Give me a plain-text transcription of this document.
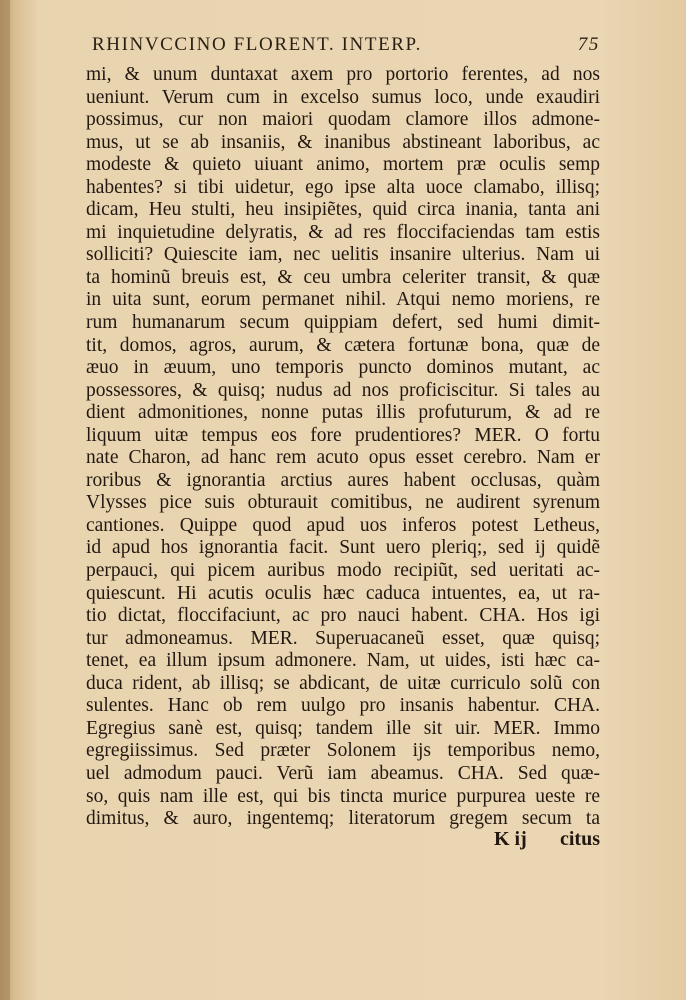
RHINVCCINO FLORENT. INTERP.	75
mi, & unum duntaxat axem pro portorio ferentes, ad nos
ueniunt. Verum cum in excelso sumus loco, unde exaudiri
possimus, cur non maiori quodam clamore illos admone-
mus, ut se ab insaniis, & inanibus abstineant laboribus, ac
modeste & quieto uiuant animo, mortem præ oculis semp
habentes? si tibi uidetur, ego ipse alta uoce clamabo, illisq;
dicam, Heu stulti, heu insipiẽtes, quid circa inania, tanta ani
mi inquietudine delyratis, & ad res floccifaciendas tam estis
solliciti? Quiescite iam, nec uelitis insanire ulterius. Nam ui
ta hominũ breuis est, & ceu umbra celeriter transit, & quæ
in uita sunt, eorum permanet nihil. Atqui nemo moriens, re
rum humanarum secum quippiam defert, sed humi dimit-
tit, domos, agros, aurum, & cætera fortunæ bona, quæ de
æuo in æuum, uno temporis puncto dominos mutant, ac
possessores, & quisq; nudus ad nos proficiscitur. Si tales au
dient admonitiones, nonne putas illis profuturum, & ad re
liquum uitæ tempus eos fore prudentiores? MER. O fortu
nate Charon, ad hanc rem acuto opus esset cerebro. Nam er
roribus & ignorantia arctius aures habent occlusas, quàm
Vlysses pice suis obturauit comitibus, ne audirent syrenum
cantiones. Quippe quod apud uos inferos potest Letheus,
id apud hos ignorantia facit. Sunt uero pleriq;, sed ij quidẽ
perpauci, qui picem auribus modo recipiũt, sed ueritati ac-
quiescunt. Hi acutis oculis hæc caduca intuentes, ea, ut ra-
tio dictat, floccifaciunt, ac pro nauci habent. CHA. Hos igi
tur admoneamus. MER. Superuacaneũ esset, quæ quisq;
tenet, ea illum ipsum admonere. Nam, ut uides, isti hæc ca-
duca rident, ab illisq; se abdicant, de uitæ curriculo solũ con
sulentes. Hanc ob rem uulgo pro insanis habentur. CHA.
Egregius sanè est, quisq; tandem ille sit uir. MER. Immo
egregiissimus. Sed præter Solonem ijs temporibus nemo,
uel admodum pauci. Verũ iam abeamus. CHA. Sed quæ-
so, quis nam ille est, qui bis tincta murice purpurea ueste re
dimitus, & auro, ingentemq; literatorum gregem secum ta
K ij citus
